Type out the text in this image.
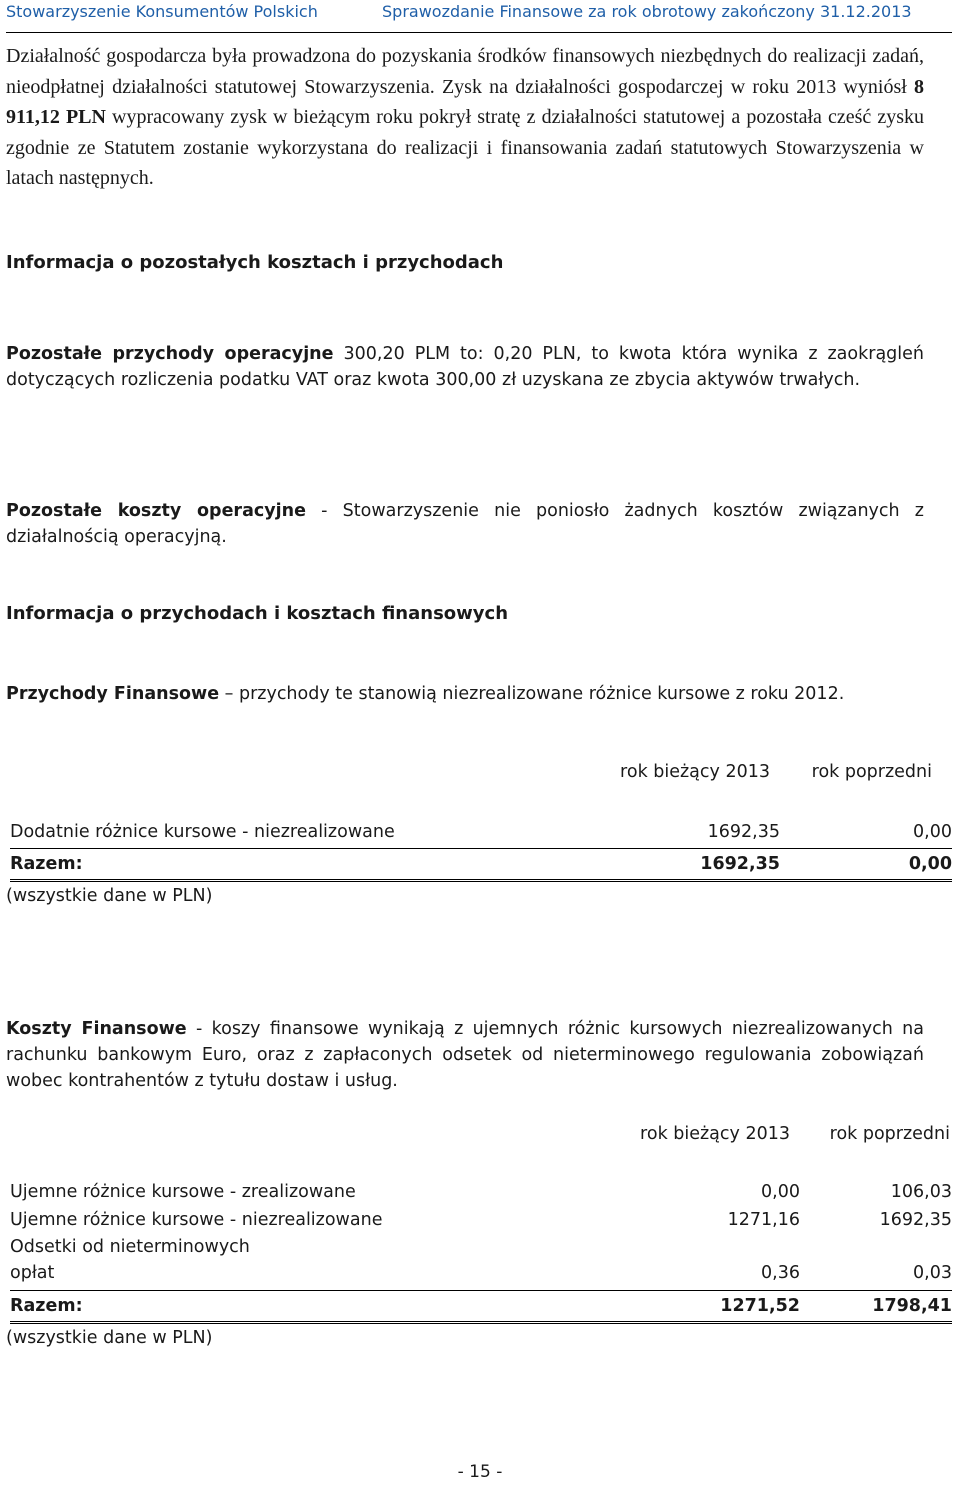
Stowarzyszenie Konsumentów Polskich	Sprawozdanie Finansowe za rok obrotowy zakończony 31.12.2013
Działalność gospodarcza była prowadzona do pozyskania środków finansowych niezbędnych do realizacji zadań, nieodpłatnej działalności statutowej Stowarzyszenia. Zysk na działalności gospodarczej w roku 2013 wyniósł 8 911,12 PLN wypracowany zysk w bieżącym roku pokrył stratę z działalności statutowej a pozostała cześć zysku zgodnie ze Statutem zostanie wykorzystana do realizacji i finansowania zadań statutowych Stowarzyszenia w latach następnych.
Informacja o pozostałych kosztach i przychodach
Pozostałe przychody operacyjne 300,20 PLM to: 0,20 PLN, to kwota która wynika z zaokrągleń dotyczących rozliczenia podatku VAT oraz kwota 300,00 zł uzyskana ze zbycia aktywów trwałych.
Pozostałe koszty operacyjne - Stowarzyszenie nie poniosło żadnych kosztów związanych z działalnością operacyjną.
Informacja o przychodach i kosztach finansowych
Przychody Finansowe – przychody te stanowią niezrealizowane różnice kursowe z roku 2012.
rok bieżący 2013	rok poprzedni
Dodatnie różnice kursowe - niezrealizowane	1692,35	0,00
Razem:	1692,35	0,00
(wszystkie dane w PLN)
Koszty Finansowe - koszy finansowe wynikają z ujemnych różnic kursowych niezrealizowanych na rachunku bankowym Euro, oraz z zapłaconych odsetek od nieterminowego regulowania zobowiązań wobec kontrahentów z tytułu dostaw i usług.
rok bieżący 2013	rok poprzedni
Ujemne różnice kursowe - zrealizowane	0,00	106,03
Ujemne różnice kursowe - niezrealizowane	1271,16	1692,35
Odsetki od nieterminowych
opłat	0,36	0,03
Razem:	1271,52	1798,41
(wszystkie dane w PLN)
- 15 -
